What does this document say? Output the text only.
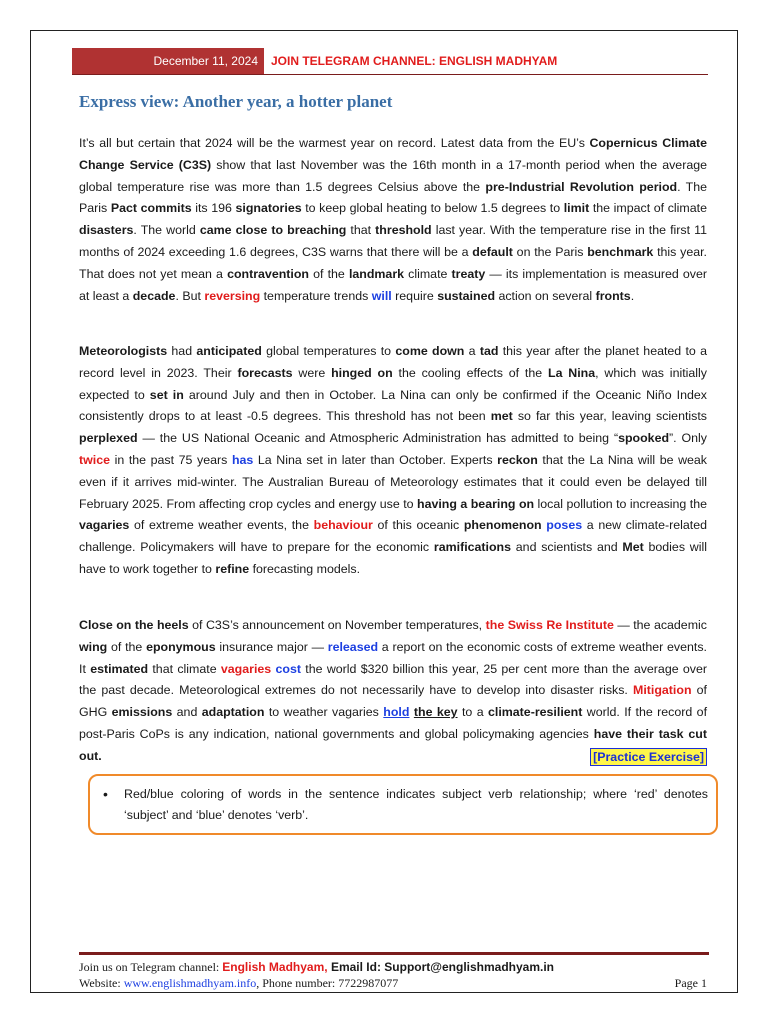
December 11, 2024	JOIN TELEGRAM CHANNEL: ENGLISH MADHYAM
Express view: Another year, a hotter planet

It’s all but certain that 2024 will be the warmest year on record. Latest data from the EU’s Copernicus Climate Change Service (C3S) show that last November was the 16th month in a 17-month period when the average global temperature rise was more than 1.5 degrees Celsius above the pre-Industrial Revolution period. The Paris Pact commits its 196 signatories to keep global heating to below 1.5 degrees to limit the impact of climate disasters. The world came close to breaching that threshold last year. With the temperature rise in the first 11 months of 2024 exceeding 1.6 degrees, C3S warns that there will be a default on the Paris benchmark this year. That does not yet mean a contravention of the landmark climate treaty — its implementation is measured over at least a decade. But reversing temperature trends will require sustained action on several fronts.

Meteorologists had anticipated global temperatures to come down a tad this year after the planet heated to a record level in 2023. Their forecasts were hinged on the cooling effects of the La Nina, which was initially expected to set in around July and then in October. La Nina can only be confirmed if the Oceanic Niño Index consistently drops to at least -0.5 degrees. This threshold has not been met so far this year, leaving scientists perplexed — the US National Oceanic and Atmospheric Administration has admitted to being “spooked”. Only twice in the past 75 years has La Nina set in later than October. Experts reckon that the La Nina will be weak even if it arrives mid-winter. The Australian Bureau of Meteorology estimates that it could even be delayed till February 2025. From affecting crop cycles and energy use to having a bearing on local pollution to increasing the vagaries of extreme weather events, the behaviour of this oceanic phenomenon poses a new climate-related challenge. Policymakers will have to prepare for the economic ramifications and scientists and Met bodies will have to work together to refine forecasting models.

Close on the heels of C3S’s announcement on November temperatures, the Swiss Re Institute — the academic wing of the eponymous insurance major — released a report on the economic costs of extreme weather events. It estimated that climate vagaries cost the world $320 billion this year, 25 per cent more than the average over the past decade. Meteorological extremes do not necessarily have to develop into disaster risks. Mitigation of GHG emissions and adaptation to weather vagaries hold the key to a climate-resilient world. If the record of post-Paris CoPs is any indication, national governments and global policymaking agencies have their task cut out.	[Practice Exercise]

• Red/blue coloring of words in the sentence indicates subject verb relationship; where ‘red’ denotes ‘subject’ and ‘blue’ denotes ‘verb’.
Join us on Telegram channel: English Madhyam, Email Id: Support@englishmadhyam.in
Website: www.englishmadhyam.info, Phone number: 7722987077	Page 1
